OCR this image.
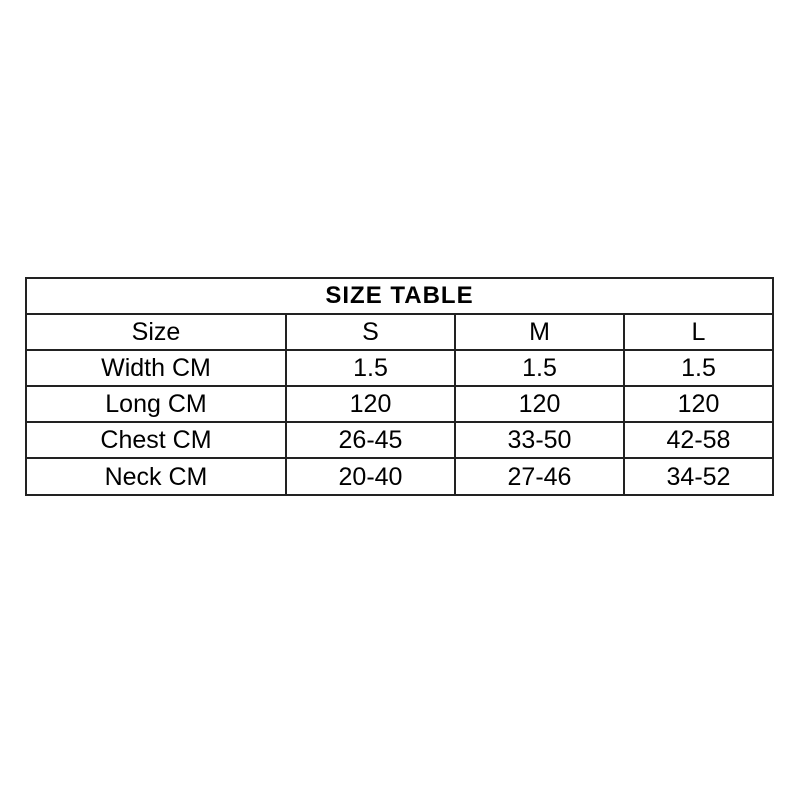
SIZE TABLE			
Size	S	M	L
Width CM	1.5	1.5	1.5
Long CM	120	120	120
Chest CM	26-45	33-50	42-58
Neck CM	20-40	27-46	34-52
